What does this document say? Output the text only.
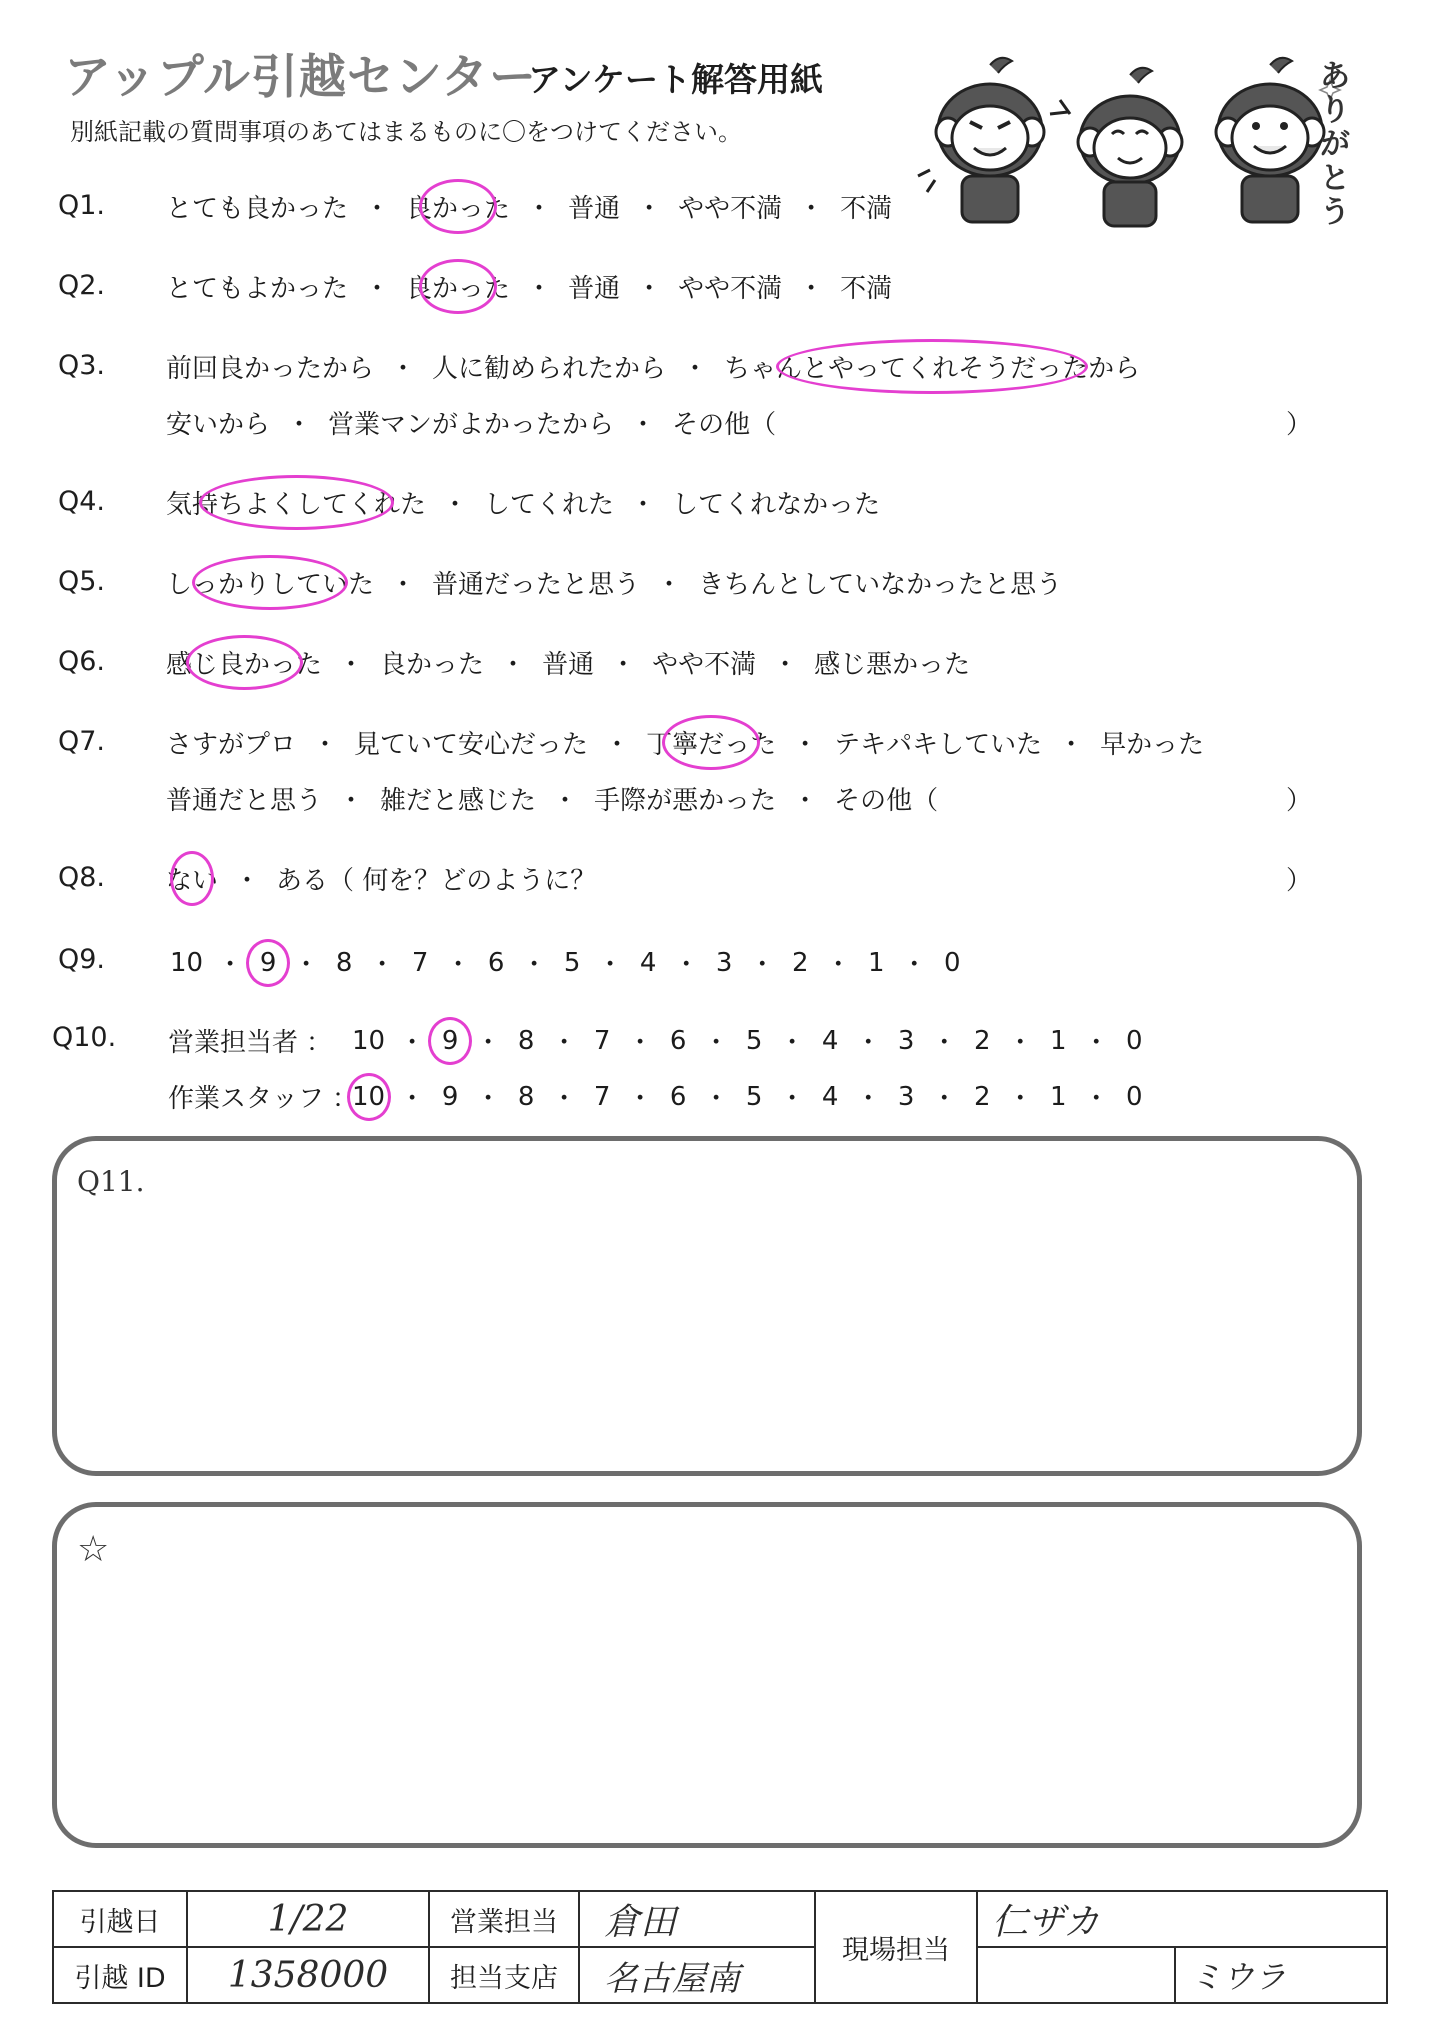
アップル引越センター
アンケート解答用紙
別紙記載の質問事項のあてはまるものに〇をつけてください。
ありがとう
Q1. とても良かった ・ 良かった ・ 普通 ・ やや不満 ・ 不満
Q2. とてもよかった ・ 良かった ・ 普通 ・ やや不満 ・ 不満
Q3. 前回良かったから ・ 人に勧められたから ・ ちゃんとやってくれそうだったから
安いから ・ 営業マンがよかったから ・ その他（	）
Q4. 気持ちよくしてくれた ・ してくれた ・ してくれなかった
Q5. しっかりしていた ・ 普通だったと思う ・ きちんとしていなかったと思う
Q6. 感じ良かった ・ 良かった ・ 普通 ・ やや不満 ・ 感じ悪かった
Q7. さすがプロ ・ 見ていて安心だった ・ 丁寧だった ・ テキパキしていた ・ 早かった
普通だと思う ・ 雑だと感じた ・ 手際が悪かった ・ その他（	）
Q8. ない ・ ある（ 何を？どのように？	）
Q9. 10 ・ 9 ・ 8 ・ 7 ・ 6 ・ 5 ・ 4 ・ 3 ・ 2 ・ 1 ・ 0
Q10. 営業担当者 ： 10 ・ 9 ・ 8 ・ 7 ・ 6 ・ 5 ・ 4 ・ 3 ・ 2 ・ 1 ・ 0
作業スタッフ ：
10 ・ 9 ・ 8 ・ 7 ・ 6 ・ 5 ・ 4 ・ 3 ・ 2 ・ 1 ・ 0
Q11.
☆
引越日	1/22	営業担当	倉田	現場担当	仁ザカ	
引越 ID	1358000	担当支店	名古屋南			ミウラ
